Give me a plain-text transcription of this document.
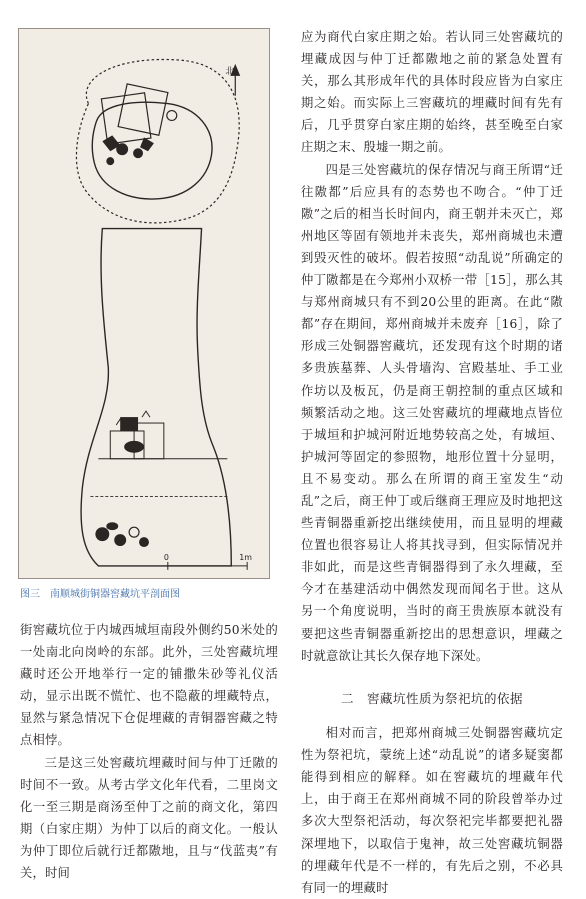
北
0	1m
图三　南顺城街铜器窖藏坑平剖面图

应为商代白家庄期之始。若认同三处窖藏坑的埋藏成因与仲丁迁都隞地之前的紧急处置有关，那么其形成年代的具体时段应皆为白家庄期之始。而实际上三窖藏坑的埋藏时间有先有后，几乎贯穿白家庄期的始终，甚至晚至白家庄期之末、殷墟一期之前。

四是三处窖藏坑的保存情况与商王所谓“迁往隞都”后应具有的态势也不吻合。“仲丁迁隞”之后的相当长时间内，商王朝并未灭亡，郑州地区等固有领地并未丧失，郑州商城也未遭到毁灭性的破坏。假若按照“动乱说”所确定的仲丁隞都是在今郑州小双桥一带［15］，那么其与郑州商城只有不到20公里的距离。在此“隞都”存在期间，郑州商城并未废弃［16］，除了形成三处铜器窖藏坑，还发现有这个时期的诸多贵族墓葬、人头骨墙沟、宫殿基址、手工业作坊以及板瓦，仍是商王朝控制的重点区域和频繁活动之地。这三处窖藏坑的埋藏地点皆位于城垣和护城河附近地势较高之处，有城垣、护城河等固定的参照物，地形位置十分显明，且不易变动。那么在所谓的商王室发生“动乱”之后，商王仲丁或后继商王理应及时地把这些青铜器重新挖出继续使用，而且显明的埋藏位置也很容易让人将其找寻到，但实际情况并非如此，而是这些青铜器得到了永久埋藏，至今才在基建活动中偶然发现而闻名于世。这从另一个角度说明，当时的商王贵族原本就没有要把这些青铜器重新挖出的思想意识，埋藏之时就意欲让其长久保存地下深处。

二　窖藏坑性质为祭祀坑的依据

相对而言，把郑州商城三处铜器窖藏坑定性为祭祀坑，蒙统上述“动乱说”的诸多疑窦都能得到相应的解释。如在窖藏坑的埋藏年代上，由于商王在郑州商城不同的阶段曾举办过多次大型祭祀活动，每次祭祀完毕都要把礼器深埋地下，以取信于鬼神，故三处窖藏坑铜器的埋藏年代是不一样的，有先后之别，不必具有同一的埋藏时

街窖藏坑位于内城西城垣南段外侧约50米处的一处南北向岗岭的东部。此外，三处窖藏坑埋藏时还公开地举行一定的铺撒朱砂等礼仪活动，显示出既不慌忙、也不隐蔽的埋藏特点，显然与紧急情况下仓促埋藏的青铜器窖藏之特点相悖。

三是这三处窖藏坑埋藏时间与仲丁迁隞的时间不一致。从考古学文化年代看，二里岗文化一至三期是商汤至仲丁之前的商文化，第四期（白家庄期）为仲丁以后的商文化。一般认为仲丁即位后就行迁都隞地，且与“伐蓝夷”有关，时间
